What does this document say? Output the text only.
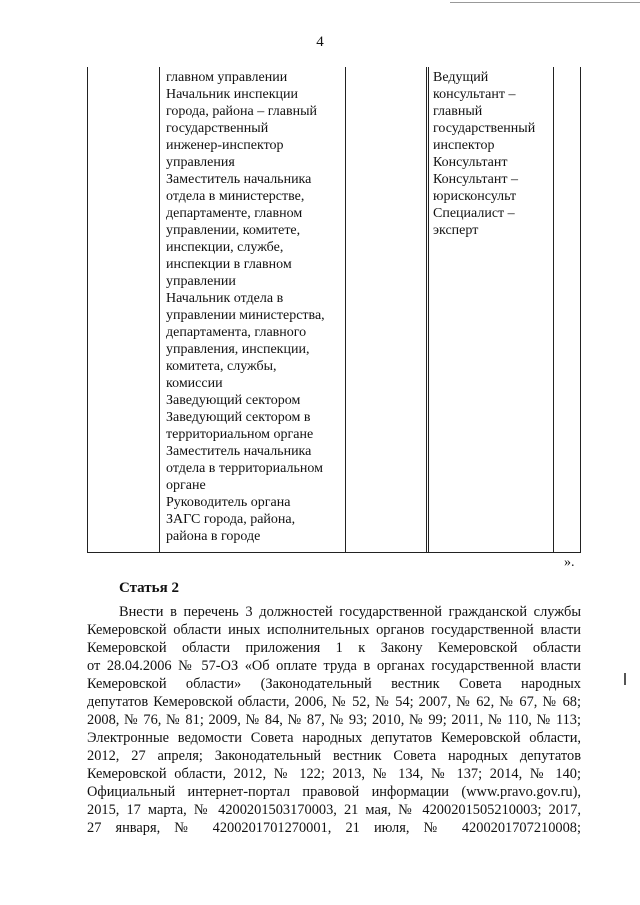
4
главном управлении
Начальник инспекции
города, района – главный
государственный
инженер-инспектор
управления
Заместитель начальника
отдела в министерстве,
департаменте, главном
управлении, комитете,
инспекции, службе,
инспекции в главном
управлении
Начальник отдела в
управлении министерства,
департамента, главного
управления, инспекции,
комитета, службы,
комиссии
Заведующий сектором
Заведующий сектором в
территориальном органе
Заместитель начальника
отдела в территориальном
органе
Руководитель органа
ЗАГС города, района,
района в городе
Ведущий
консультант –
главный
государственный
инспектор
Консультант
Консультант –
юрисконсульт
Специалист –
эксперт
».
Статья 2
Внести в перечень 3 должностей государственной гражданской службы
Кемеровской области иных исполнительных органов государственной власти
Кемеровской области приложения 1 к Закону Кемеровской области
от 28.04.2006 № 57-ОЗ «Об оплате труда в органах государственной власти
Кемеровской области» (Законодательный вестник Совета народных
депутатов Кемеровской области, 2006, № 52, № 54; 2007, № 62, № 67, № 68;
2008, № 76, № 81; 2009, № 84, № 87, № 93; 2010, № 99; 2011, № 110, № 113;
Электронные ведомости Совета народных депутатов Кемеровской области,
2012, 27 апреля; Законодательный вестник Совета народных депутатов
Кемеровской области, 2012, № 122; 2013, № 134, № 137; 2014, № 140;
Официальный интернет-портал правовой информации (www.pravo.gov.ru),
2015, 17 марта, № 4200201503170003, 21 мая, № 4200201505210003; 2017,
27 января, № 4200201701270001, 21 июля, № 4200201707210008;
